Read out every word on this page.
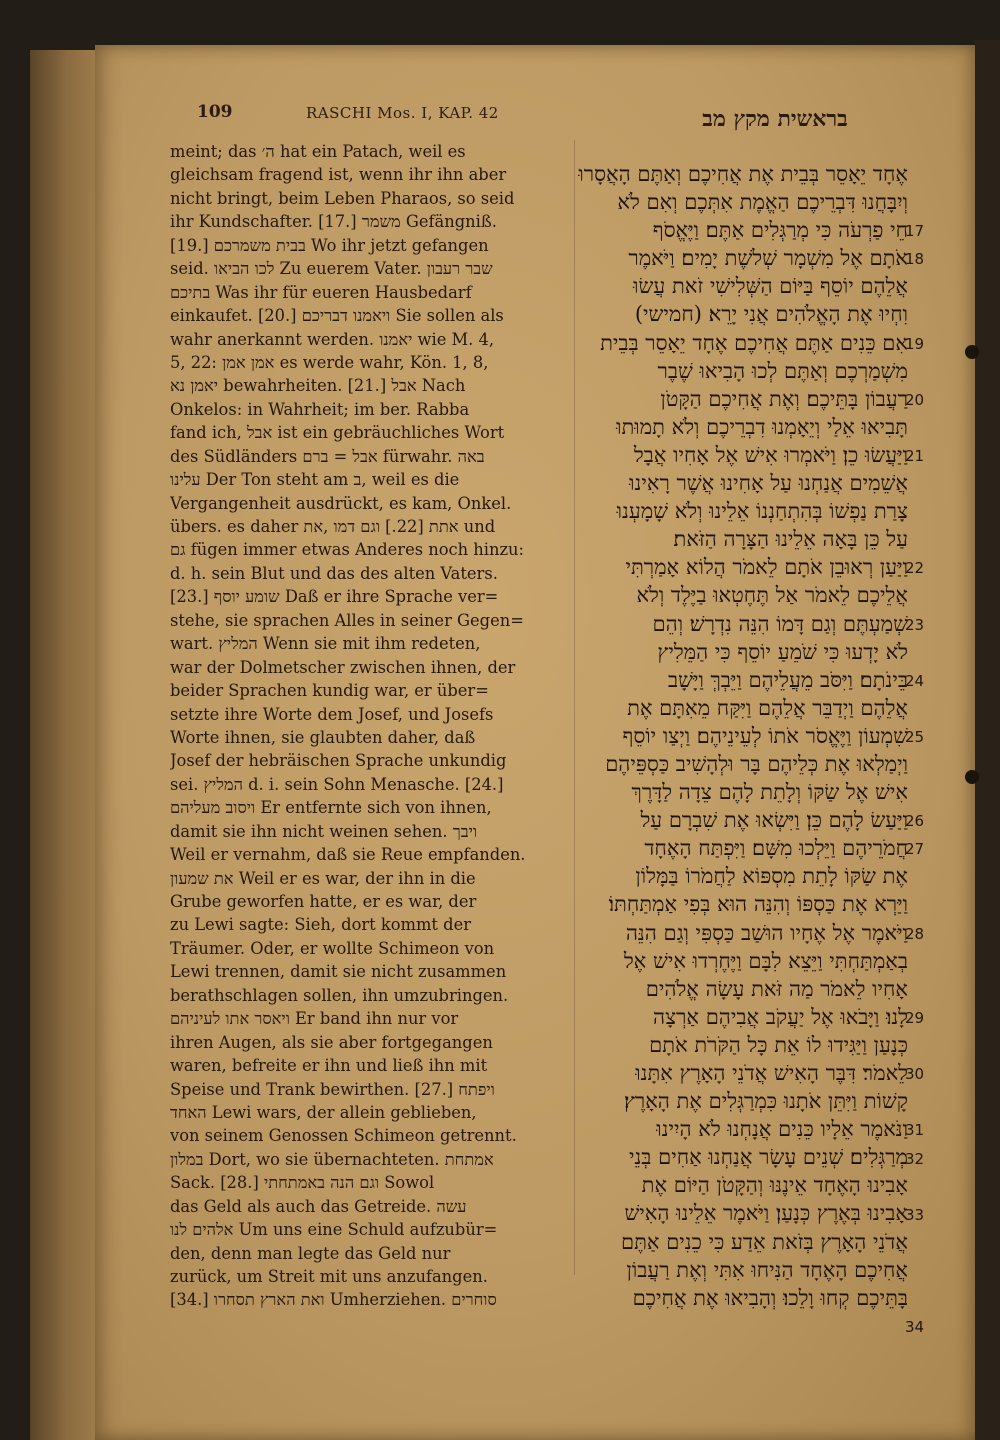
109	RASCHI Mos. I, KAP. 42	בראשית מקץ מב
meint; das ה׳ hat ein Patach, weil es
gleichsam fragend ist, wenn ihr ihn aber
nicht bringt, beim Leben Pharaos, so seid
ihr Kundschafter. [17.] משמר Gefängniß.
[19.] בבית משמרכם Wo ihr jetzt gefangen
seid. לכו הביאו Zu euerem Vater. שבר רעבון
בתיכם Was ihr für eueren Hausbedarf
einkaufet. [20.] ויאמנו דבריכם Sie sollen als
wahr anerkannt werden. יאמנו wie M. 4,
5, 22: אמן אמן es werde wahr, Kön. 1, 8,
יאמן נא bewahrheiten. [21.] אבל Nach
Onkelos: in Wahrheit; im ber. Rabba
fand ich, אבל ist ein gebräuchliches Wort
des Südländers אבל = ברם fürwahr. באה
עלינו Der Ton steht am ב, weil es die
Vergangenheit ausdrückt, es kam, Onkel.
übers. es daher אתת [22.] וגם דמו ,את und
גם fügen immer etwas Anderes noch hinzu:
d. h. sein Blut und das des alten Vaters.
[23.] שומע יוסף Daß er ihre Sprache ver=
stehe, sie sprachen Alles in seiner Gegen=
wart. המליץ Wenn sie mit ihm redeten,
war der Dolmetscher zwischen ihnen, der
beider Sprachen kundig war, er über=
setzte ihre Worte dem Josef, und Josefs
Worte ihnen, sie glaubten daher, daß
Josef der hebräischen Sprache unkundig
sei. המליץ d. i. sein Sohn Menasche. [24.]
ויסוב מעליהם Er entfernte sich von ihnen,
damit sie ihn nicht weinen sehen. ויבך
Weil er vernahm, daß sie Reue empfanden.
את שמעון Weil er es war, der ihn in die
Grube geworfen hatte, er es war, der
zu Lewi sagte: Sieh, dort kommt der
Träumer. Oder, er wollte Schimeon von
Lewi trennen, damit sie nicht zusammen
berathschlagen sollen, ihn umzubringen.
ויאסר אתו לעיניהם Er band ihn nur vor
ihren Augen, als sie aber fortgegangen
waren, befreite er ihn und ließ ihn mit
Speise und Trank bewirthen. [27.] ויפתח
האחד Lewi wars, der allein geblieben,
von seinem Genossen Schimeon getrennt.
במלון Dort, wo sie übernachteten. אמתחת
Sack. [28.] וגם הנה באמתחתי Sowol
das Geld als auch das Getreide. עשה
אלהים לנו Um uns eine Schuld aufzubür=
den, denn man legte das Geld nur
zurück, um Streit mit uns anzufangen.
[34.] ואת הארץ תסחרו Umherziehen. סוחרים
אֶחָד יֵאָסֵר בְּבֵית אֶת אֲחִיכֶם וְאַתֶּם הָאֲסָרוּ
וְיִבָּחֲנוּ דִּבְרֵיכֶם הַאֱמֶת אִתְּכֶם וְאִם לֹא
חֵי פַרְעֹה כִּי מְרַגְּלִים אַתֶּם׃ וַיֶּאֱסֹף
אֹתָם אֶל מִשְׁמָר שְׁלֹשֶׁת יָמִים׃ וַיֹּאמֶר
אֲלֵהֶם יוֹסֵף בַּיּוֹם הַשְּׁלִישִׁי זֹאת עֲשׂוּ
וִחְיוּ אֶת הָאֱלֹהִים אֲנִי יָרֵא׃ (חמישי)
אִם כֵּנִים אַתֶּם אֲחִיכֶם אֶחָד יֵאָסֵר בְּבֵית
מִשְׁמַרְכֶם וְאַתֶּם לְכוּ הָבִיאוּ שֶׁבֶר
רַעֲבוֹן בָּתֵּיכֶם׃ וְאֶת אֲחִיכֶם הַקָּטֹן
תָּבִיאוּ אֵלַי וְיֵאָמְנוּ דִבְרֵיכֶם וְלֹא תָמוּתוּ
וַיַּעֲשׂוּ כֵן׃ וַיֹּאמְרוּ אִישׁ אֶל אָחִיו אֲבָל
אֲשֵׁמִים אֲנַחְנוּ עַל אָחִינוּ אֲשֶׁר רָאִינוּ
צָרַת נַפְשׁוֹ בְּהִתְחַנְנוֹ אֵלֵינוּ וְלֹא שָׁמָעְנוּ
עַל כֵּן בָּאָה אֵלֵינוּ הַצָּרָה הַזֹּאת׃
וַיַּעַן רְאוּבֵן אֹתָם לֵאמֹר הֲלוֹא אָמַרְתִּי
אֲלֵיכֶם לֵאמֹר אַל תֶּחֶטְאוּ בַיֶּלֶד וְלֹא
שְׁמַעְתֶּם וְגַם דָּמוֹ הִנֵּה נִדְרָשׁ׃ וְהֵם
לֹא יָדְעוּ כִּי שֹׁמֵעַ יוֹסֵף כִּי הַמֵּלִיץ
בֵּינֹתָם׃ וַיִּסֹּב מֵעֲלֵיהֶם וַיֵּבְךְּ וַיָּשָׁב
אֲלֵהֶם וַיְדַבֵּר אֲלֵהֶם וַיִּקַּח מֵאִתָּם אֶת
שִׁמְעוֹן וַיֶּאֱסֹר אֹתוֹ לְעֵינֵיהֶם׃ וַיְצַו יוֹסֵף
וַיְמַלְאוּ אֶת כְּלֵיהֶם בָּר וּלְהָשִׁיב כַּסְפֵּיהֶם
אִישׁ אֶל שַׂקּוֹ וְלָתֵת לָהֶם צֵדָה לַדָּרֶךְ
וַיַּעַשׂ לָהֶם כֵּן׃ וַיִּשְׂאוּ אֶת שִׁבְרָם עַל
חֲמֹרֵיהֶם וַיֵּלְכוּ מִשָּׁם׃ וַיִּפְתַּח הָאֶחָד
אֶת שַׂקּוֹ לָתֵת מִסְפּוֹא לַחֲמֹרוֹ בַּמָּלוֹן
וַיַּרְא אֶת כַּסְפּוֹ וְהִנֵּה הוּא בְּפִי אַמְתַּחְתּוֹ׃
וַיֹּאמֶר אֶל אֶחָיו הוּשַׁב כַּסְפִּי וְגַם הִנֵּה
בְאַמְתַּחְתִּי וַיֵּצֵא לִבָּם וַיֶּחֶרְדוּ אִישׁ אֶל
אָחִיו לֵאמֹר מַה זֹּאת עָשָׂה אֱלֹהִים
לָנוּ׃ וַיָּבֹאוּ אֶל יַעֲקֹב אֲבִיהֶם אַרְצָה
כְּנָעַן וַיַּגִּידוּ לוֹ אֵת כָּל הַקֹּרֹת אֹתָם
לֵאמֹר׃ דִּבֶּר הָאִישׁ אֲדֹנֵי הָאָרֶץ אִתָּנוּ
קָשׁוֹת וַיִּתֵּן אֹתָנוּ כִּמְרַגְּלִים אֶת הָאָרֶץ׃
וַנֹּאמֶר אֵלָיו כֵּנִים אֲנָחְנוּ לֹא הָיִינוּ
מְרַגְּלִים׃ שְׁנֵים עָשָׂר אֲנַחְנוּ אַחִים בְּנֵי
אָבִינוּ הָאֶחָד אֵינֶנּוּ וְהַקָּטֹן הַיּוֹם אֶת
אָבִינוּ בְּאֶרֶץ כְּנָעַן׃ וַיֹּאמֶר אֵלֵינוּ הָאִישׁ
אֲדֹנֵי הָאָרֶץ בְּזֹאת אֵדַע כִּי כֵנִים אַתֶּם
אֲחִיכֶם הָאֶחָד הַנִּיחוּ אִתִּי וְאֶת רַעֲבוֹן
בָּתֵּיכֶם קְחוּ וָלֵכוּ׃ וְהָבִיאוּ אֶת אֲחִיכֶם
17
18
19
20
21
22
23
24
25
26
27
28
29
30
31
32
33
34
